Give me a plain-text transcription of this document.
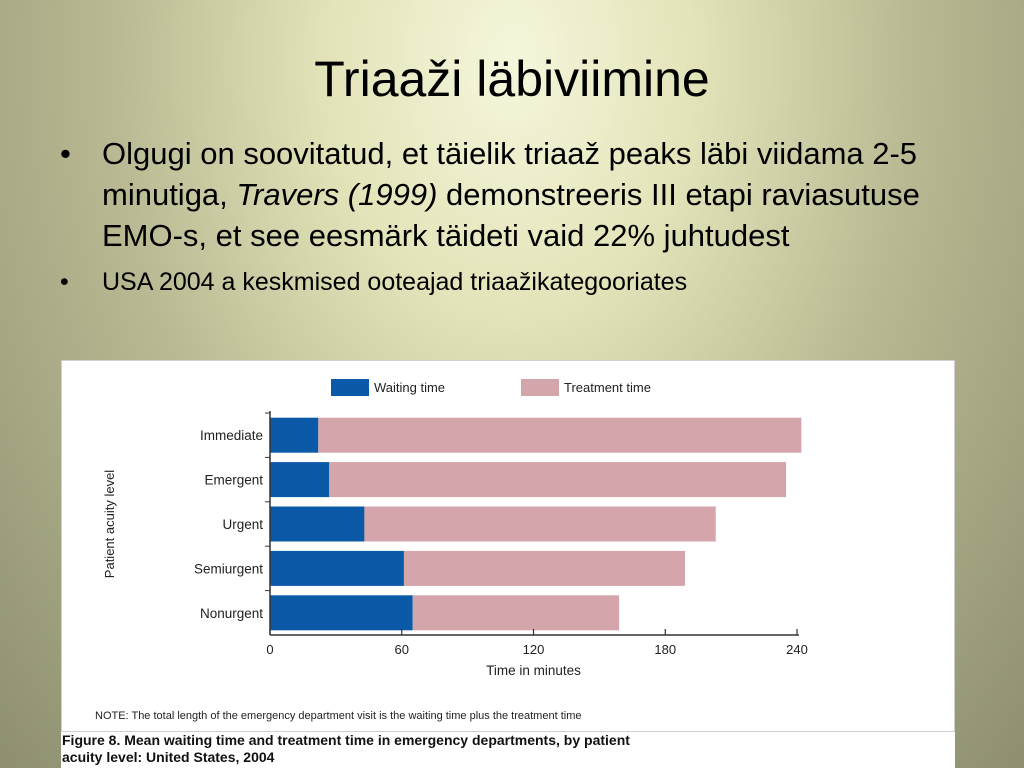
Triaaži läbiviimine
• Olgugi on soovitatud, et täielik triaaž peaks läbi viidama 2-5 minutiga, Travers (1999) demonstreeris III etapi raviasutuse EMO-s, et see eesmärk täideti vaid 22% juhtudest
• USA 2004 a keskmised ooteajad triaažikategooriates
Waiting time	Treatment time
Immediate
Emergent
Urgent
Semiurgent
Nonurgent
0	60	120	180	240
Time in minutes
Patient acuity level
NOTE: The total length of the emergency department visit is the waiting time plus the treatment time
Figure 8. Mean waiting time and treatment time in emergency departments, by patient
acuity level: United States, 2004
